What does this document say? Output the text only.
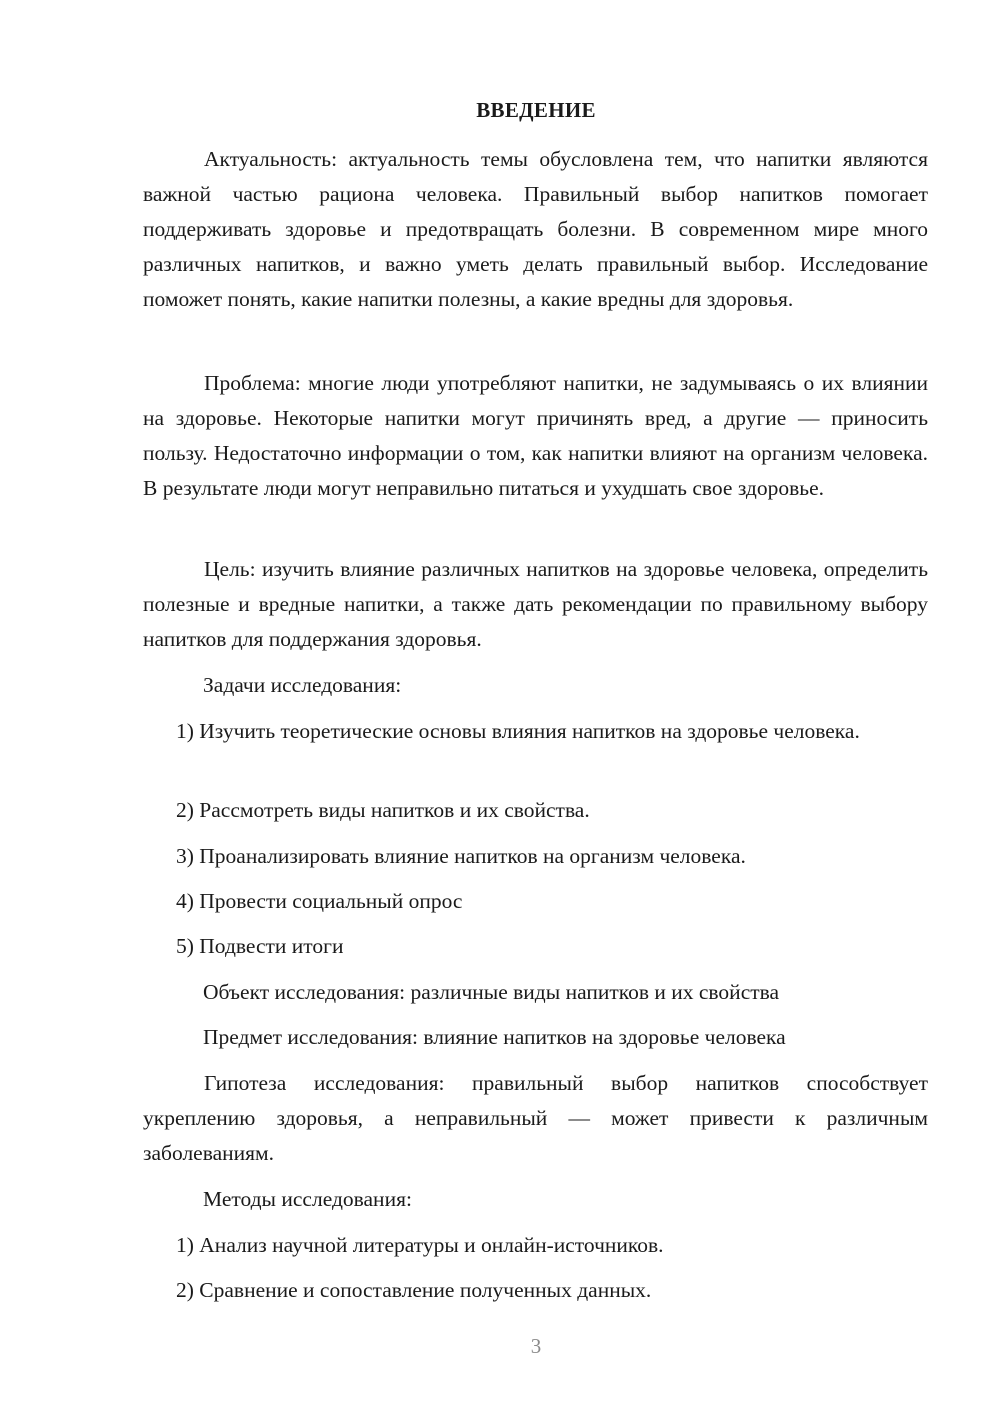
ВВЕДЕНИЕ
Актуальность: актуальность темы обусловлена тем, что напитки являются важной частью рациона человека. Правильный выбор напитков помогает поддерживать здоровье и предотвращать болезни. В современном мире много различных напитков, и важно уметь делать правильный выбор. Исследование поможет понять, какие напитки полезны, а какие вредны для здоровья.
Проблема: многие люди употребляют напитки, не задумываясь о их влиянии на здоровье. Некоторые напитки могут причинять вред, а другие — приносить пользу. Недостаточно информации о том, как напитки влияют на организм человека. В результате люди могут неправильно питаться и ухудшать свое здоровье.
Цель: изучить влияние различных напитков на здоровье человека, определить полезные и вредные напитки, а также дать рекомендации по правильному выбору напитков для поддержания здоровья.
Задачи исследования:
1) Изучить теоретические основы влияния напитков на здоровье человека.
2) Рассмотреть виды напитков и их свойства.
3) Проанализировать влияние напитков на организм человека.
4) Провести социальный опрос
5) Подвести итоги
Объект исследования: различные виды напитков и их свойства
Предмет исследования: влияние напитков на здоровье человека
Гипотеза исследования: правильный выбор напитков способствует укреплению здоровья, а неправильный — может привести к различным заболеваниям.
Методы исследования:
1) Анализ научной литературы и онлайн-источников.
2) Сравнение и сопоставление полученных данных.
3
